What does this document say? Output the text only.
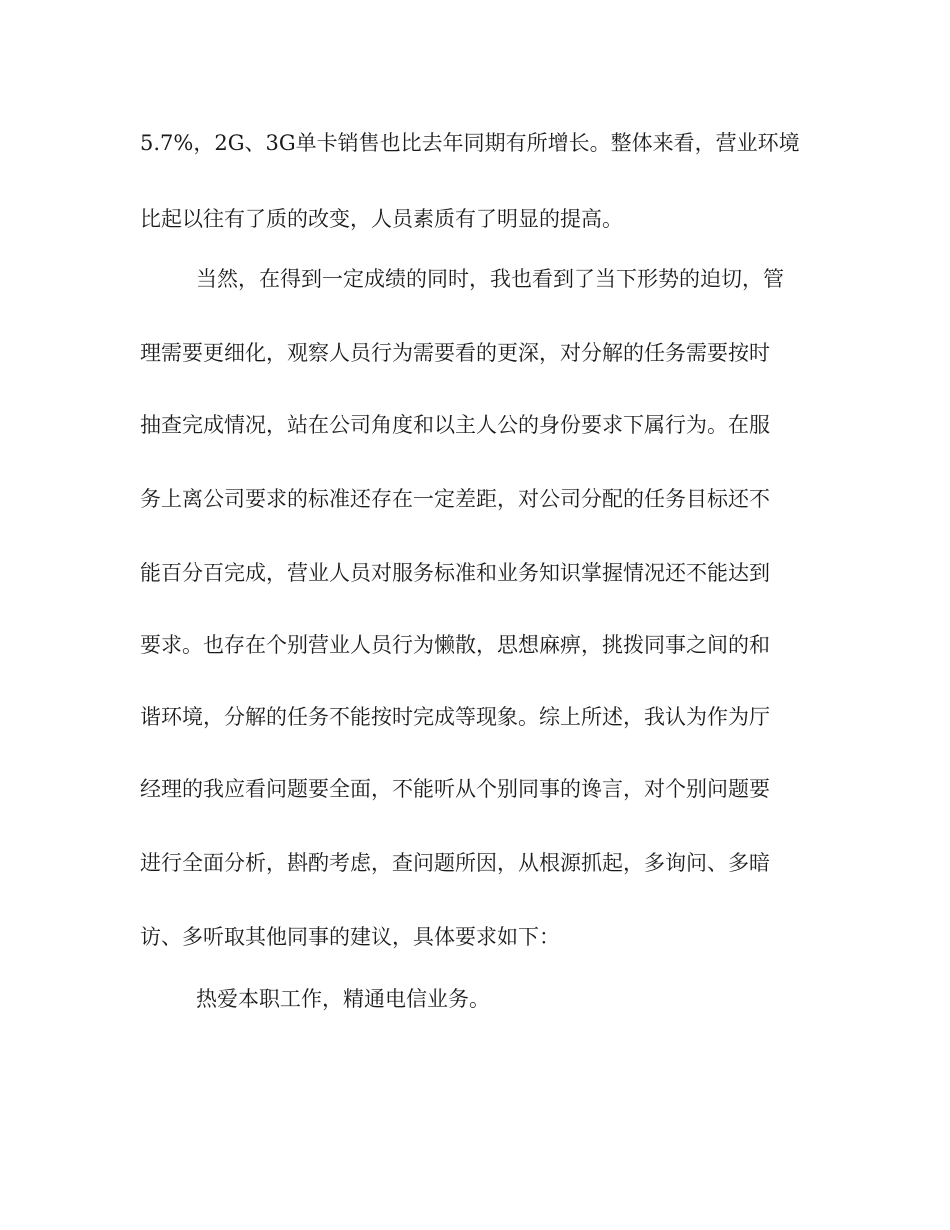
5.7%，2G、3G单卡销售也比去年同期有所增长。整体来看，营业环境

比起以往有了质的改变，人员素质有了明显的提高。

当然，在得到一定成绩的同时，我也看到了当下形势的迫切，管

理需要更细化，观察人员行为需要看的更深，对分解的任务需要按时

抽查完成情况，站在公司角度和以主人公的身份要求下属行为。在服

务上离公司要求的标准还存在一定差距，对公司分配的任务目标还不

能百分百完成，营业人员对服务标准和业务知识掌握情况还不能达到

要求。也存在个别营业人员行为懒散，思想麻痹，挑拨同事之间的和

谐环境，分解的任务不能按时完成等现象。综上所述，我认为作为厅

经理的我应看问题要全面，不能听从个别同事的谗言，对个别问题要

进行全面分析，斟酌考虑，查问题所因，从根源抓起，多询问、多暗

访、多听取其他同事的建议，具体要求如下：

热爱本职工作，精通电信业务。
